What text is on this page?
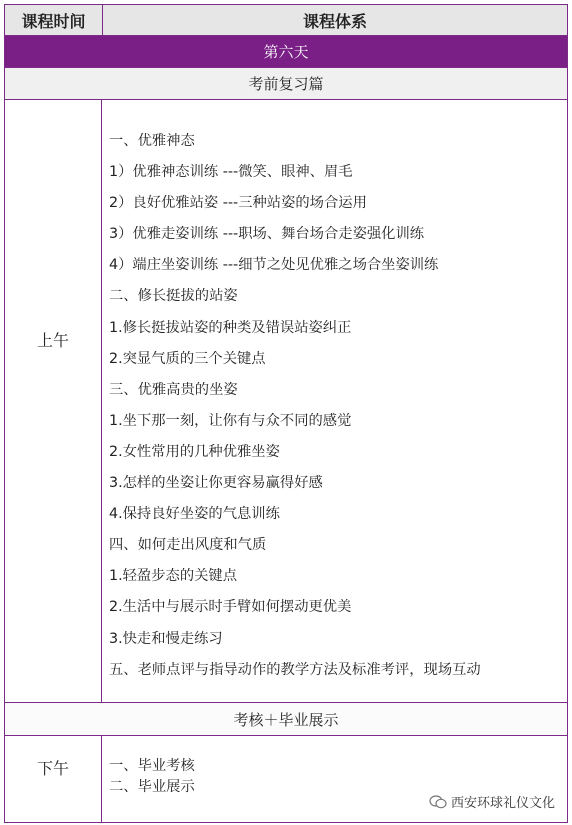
课程时间	课程体系
第六天
考前复习篇
上午
一、优雅神态
1）优雅神态训练 ---微笑、眼神、眉毛
2）良好优雅站姿 ---三种站姿的场合运用
3）优雅走姿训练 ---职场、舞台场合走姿强化训练
4）端庄坐姿训练 ---细节之处见优雅之场合坐姿训练
二、修长挺拔的站姿
1.修长挺拔站姿的种类及错误站姿纠正
2.突显气质的三个关键点
三、优雅高贵的坐姿
1.坐下那一刻，让你有与众不同的感觉
2.女性常用的几种优雅坐姿
3.怎样的坐姿让你更容易赢得好感
4.保持良好坐姿的气息训练
四、如何走出风度和气质
1.轻盈步态的关键点
2.生活中与展示时手臂如何摆动更优美
3.快走和慢走练习
五、老师点评与指导动作的教学方法及标准考评，现场互动
考核＋毕业展示
下午	一、毕业考核
二、毕业展示
西安环球礼仪文化
